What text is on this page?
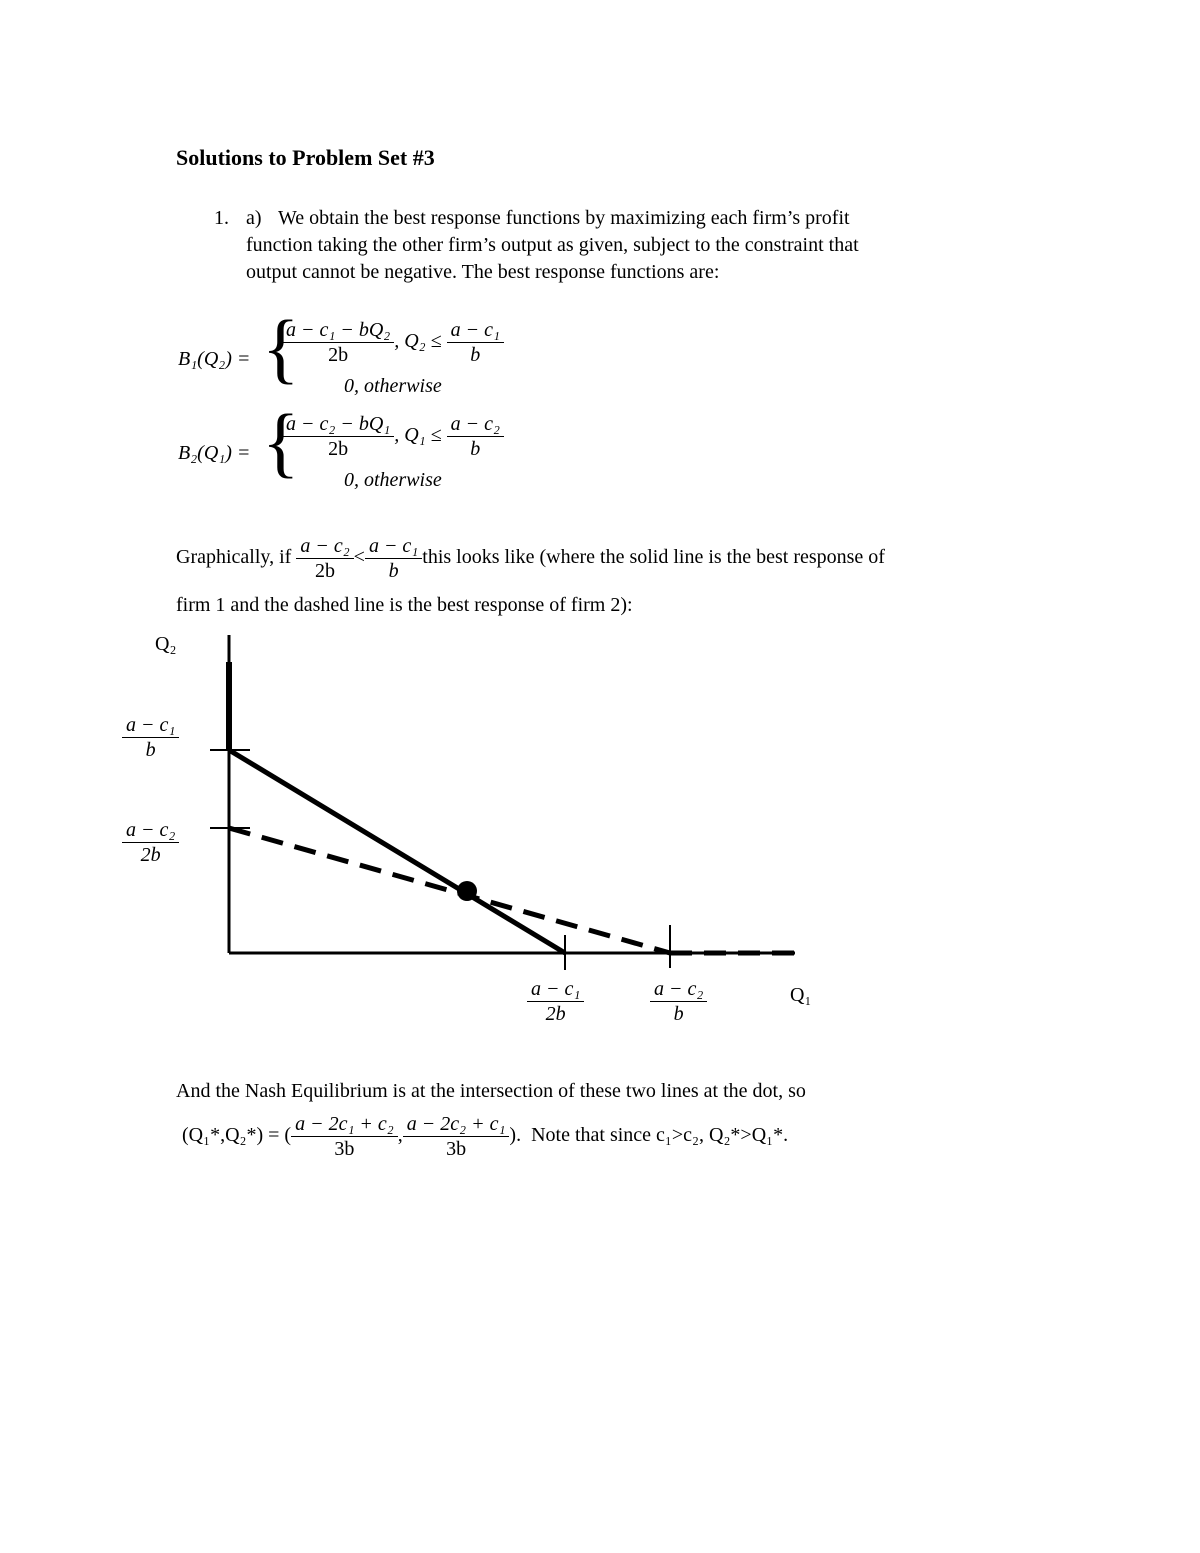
Solutions to Problem Set #3
1. a) We obtain the best response functions by maximizing each firm’s profit
function taking the other firm’s output as given, subject to the constraint that
output cannot be negative. The best response functions are:
B₁(Q₂) = {
$\frac{\text{a − c₁ − bQ₂}}{2b}$ , $Q_2 \le \frac{\text{a − c₁}}{b}$
0, otherwise
B₂(Q₁) = {
$\frac{\text{a − c₂ − bQ₁}}{2b}$ , $Q_1 \le \frac{\text{a − c₂}}{b}$
0, otherwise
Graphically, if $\frac{\text{a − c₂}}{2b} < \frac{\text{a − c₁}}{b}$ this looks like (where the solid line is the best response of
firm 1 and the dashed line is the best response of firm 2):
Q₂
Q₁
$\frac{\text{a − c₁}}{b}$
$\frac{\text{a − c₂}}{2b}$
$\frac{\text{a − c₁}}{2b}$	$\frac{\text{a − c₂}}{b}$
And the Nash Equilibrium is at the intersection of these two lines at the dot, so
(Q₁*,Q₂*) = ( $\frac{\text{a − 2c₁ + c₂}}{3b}$ , $\frac{\text{a − 2c₂ + c₁}}{3b}$ ). Note that since c₁>c₂, Q₂*>Q₁*.
